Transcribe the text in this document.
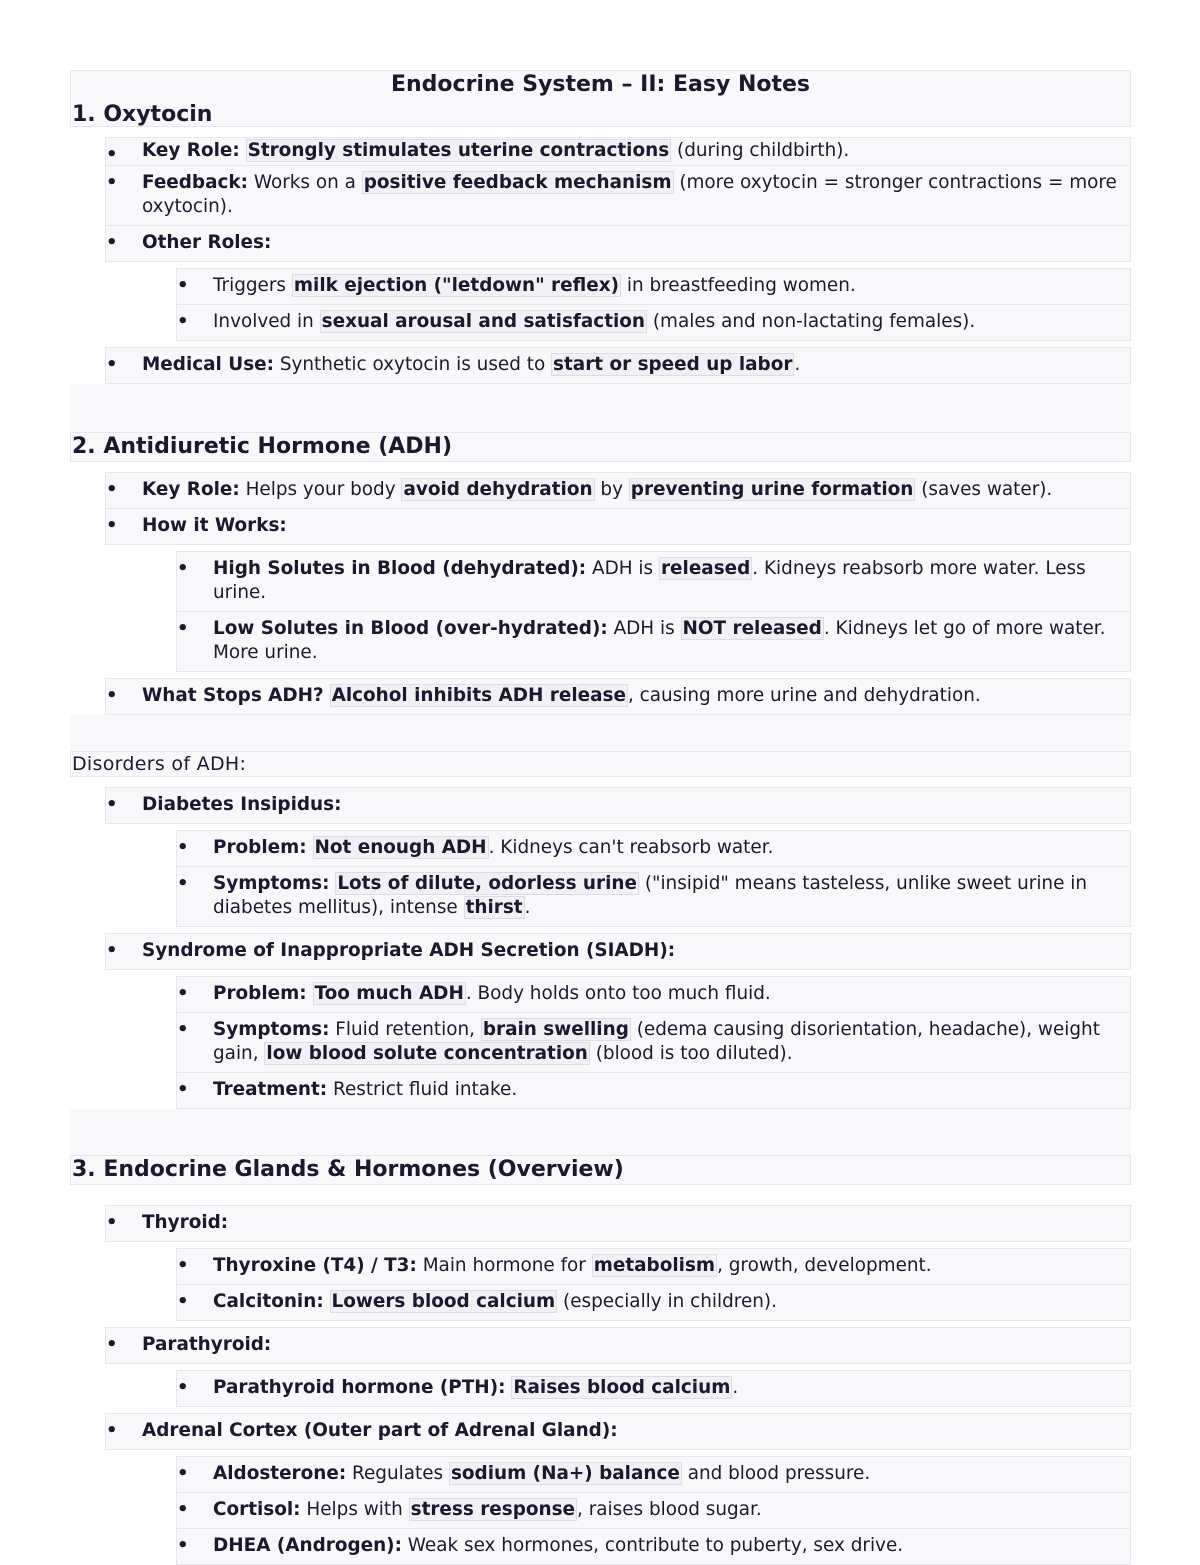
Endocrine System – II: Easy Notes
1. Oxytocin
• Key Role: Strongly stimulates uterine contractions (during childbirth).
• Feedback: Works on a positive feedback mechanism (more oxytocin = stronger contractions = more oxytocin).
• Other Roles:
• Triggers milk ejection ("letdown" reflex) in breastfeeding women.
• Involved in sexual arousal and satisfaction (males and non-lactating females).
• Medical Use: Synthetic oxytocin is used to start or speed up labor .
2. Antidiuretic Hormone (ADH)
• Key Role: Helps your body avoid dehydration by preventing urine formation (saves water).
• How it Works:
• High Solutes in Blood (dehydrated): ADH is released . Kidneys reabsorb more water. Less urine.
• Low Solutes in Blood (over-hydrated): ADH is NOT released . Kidneys let go of more water. More urine.
• What Stops ADH? Alcohol inhibits ADH release , causing more urine and dehydration.
Disorders of ADH:
• Diabetes Insipidus:
• Problem: Not enough ADH . Kidneys can't reabsorb water.
• Symptoms: Lots of dilute, odorless urine ("insipid" means tasteless, unlike sweet urine in diabetes mellitus), intense thirst .
• Syndrome of Inappropriate ADH Secretion (SIADH):
• Problem: Too much ADH . Body holds onto too much fluid.
• Symptoms: Fluid retention, brain swelling (edema causing disorientation, headache), weight gain, low blood solute concentration (blood is too diluted).
• Treatment: Restrict fluid intake.
3. Endocrine Glands & Hormones (Overview)
• Thyroid:
• Thyroxine (T4) / T3: Main hormone for metabolism , growth, development.
• Calcitonin: Lowers blood calcium (especially in children).
• Parathyroid:
• Parathyroid hormone (PTH): Raises blood calcium .
• Adrenal Cortex (Outer part of Adrenal Gland):
• Aldosterone: Regulates sodium (Na+) balance and blood pressure.
• Cortisol: Helps with stress response , raises blood sugar.
• DHEA (Androgen): Weak sex hormones, contribute to puberty, sex drive.
